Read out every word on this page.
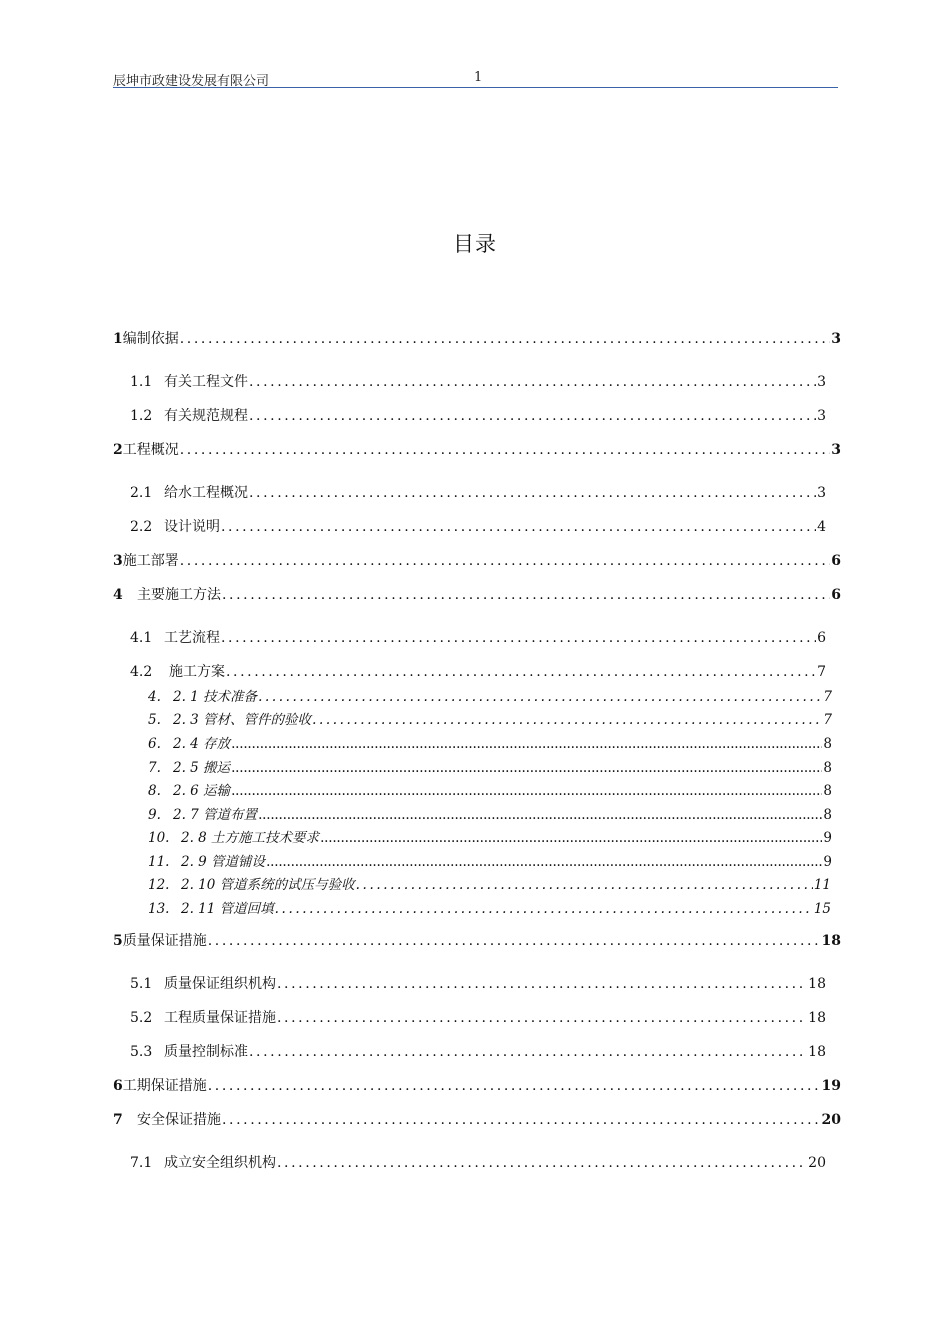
辰坤市政建设发展有限公司	1
目录
1 编制依据 .....	3
1.1 有关工程文件 .....	3
1.2 有关规范规程 .....	3
2 工程概况 .....	3
2.1 给水工程概况 .....	3
2.2 设计说明 .....	4
3 施工部署 .....	6
4	主要施工方法 .....	6
4.1 工艺流程 .....	6
4.2	施工方案 .....	7
4. 2. 1 技术准备 .....	7
5. 2. 3 管材、管件的验收 .....	7
6. 2. 4 存放 .....	8
7. 2. 5 搬运 .....	8
8. 2. 6 运输 .....	8
9. 2. 7 管道布置 .....	8
10. 2. 8 土方施工技术要求 .....	9
11. 2. 9 管道铺设 .....	9
12. 2. 10 管道系统的试压与验收 .....	11
13. 2. 11 管道回填 .....	15
5 质量保证措施 .....	18
5.1 质量保证组织机构 .....	18
5.2 工程质量保证措施 .....	18
5.3 质量控制标准 .....	18
6 工期保证措施 .....	19
7	安全保证措施 .....	20
7.1 成立安全组织机构 .....	20
